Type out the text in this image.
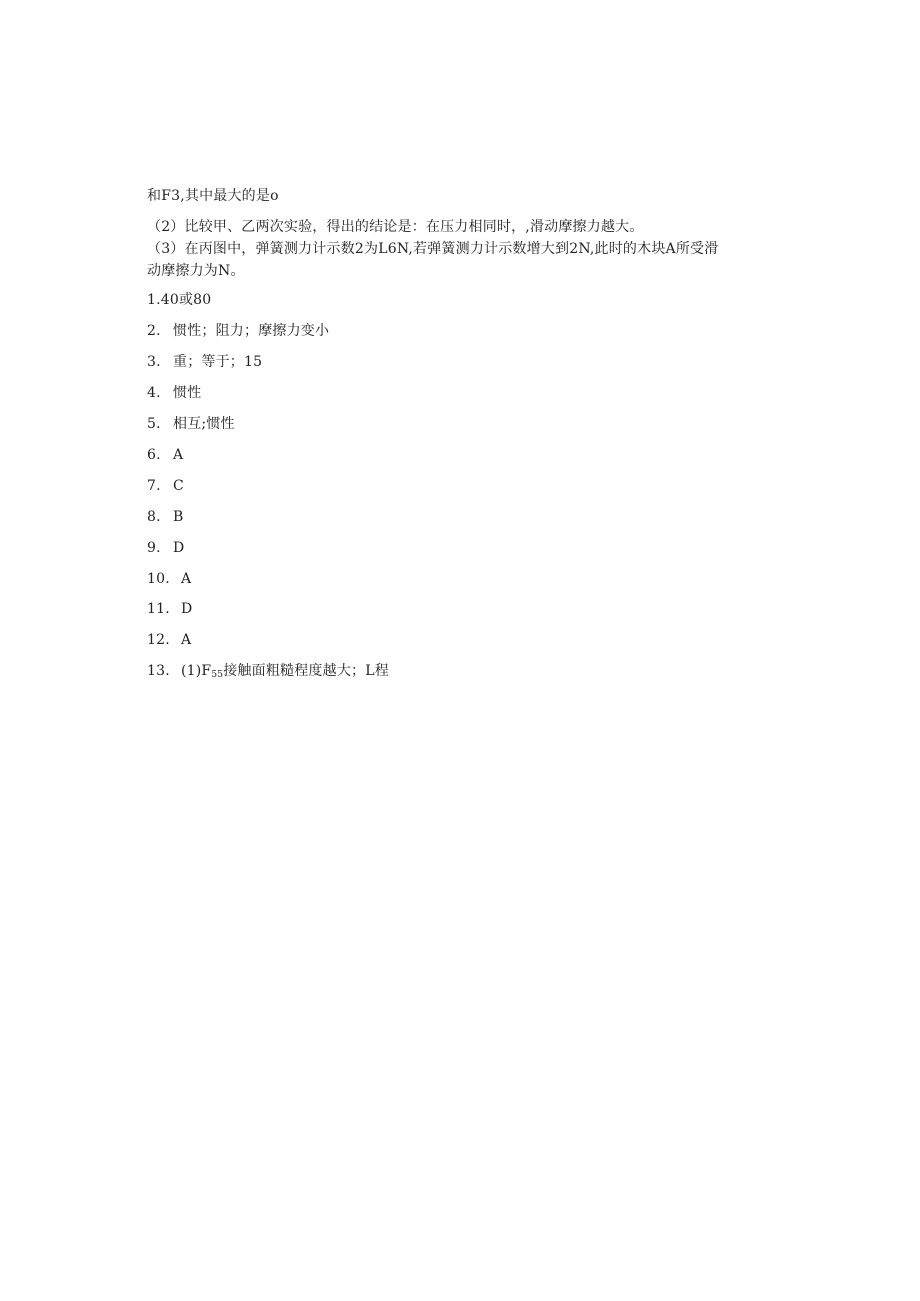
和F3,其中最大的是o
（2）比较甲、乙两次实验，得出的结论是：在压力相同时，,滑动摩擦力越大。
（3）在丙图中，弹簧测力计示数2为L6N,若弹簧测力计示数增大到2N,此时的木块A所受滑
动摩擦力为N。
1.40或80
2. 惯性；阻力；摩擦力变小
3. 重；等于；15
4. 惯性
5. 相互;惯性
6. A
7. C
8. B
9. D
10. A
11. D
12. A
13. $(1)F_{55}$接触面粗糙程度越大；L程
